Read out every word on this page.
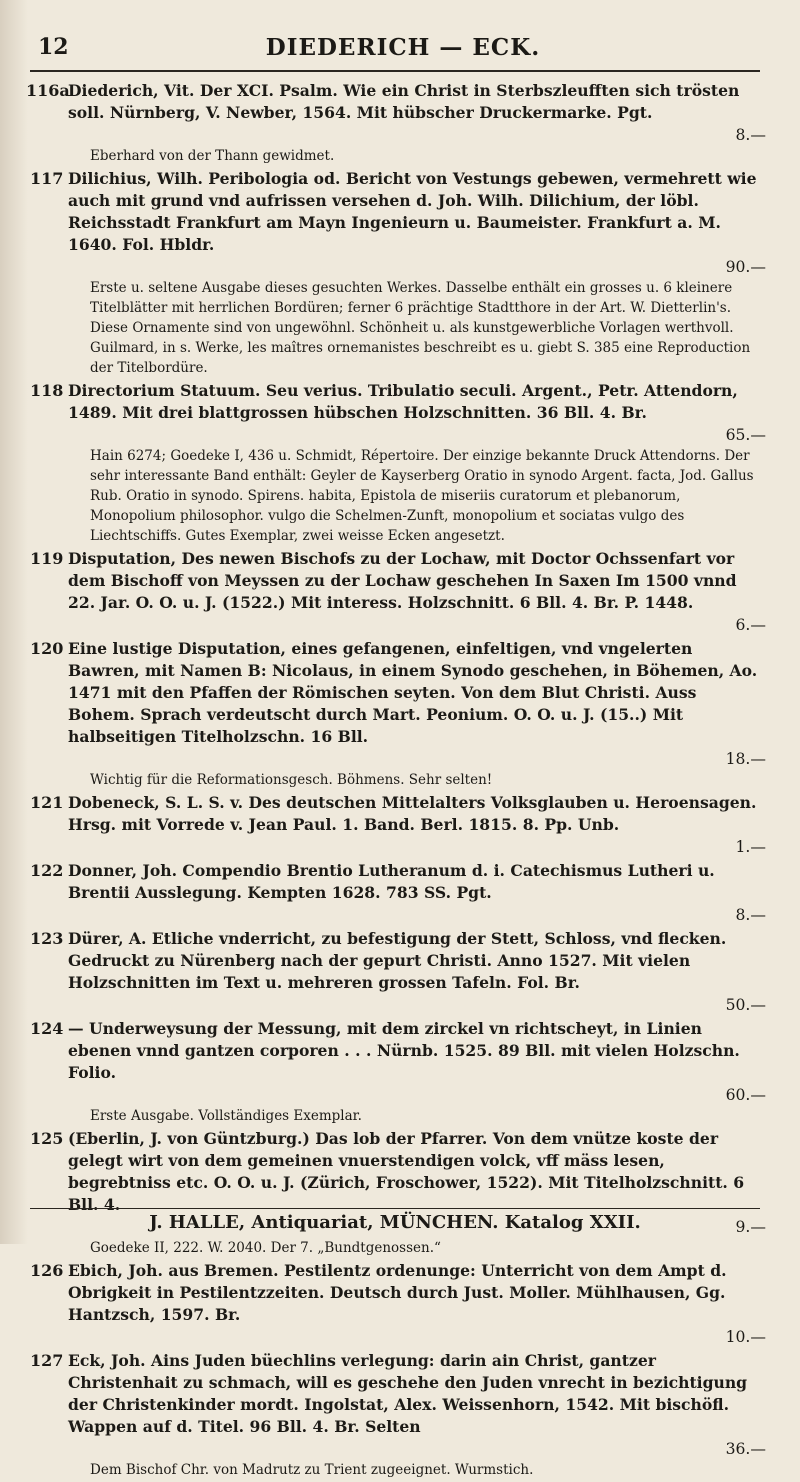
12	DIEDERICH — ECK.
116a
Diederich, Vit. Der XCI. Psalm. Wie ein Christ in Sterbszleufften sich trösten soll. Nürnberg, V. Newber, 1564. Mit hübscher Druckermarke. Pgt.
8.—
Eberhard von der Thann gewidmet.
117 Dilichius, Wilh. Peribologia od. Bericht von Vestungs gebewen, vermehrett wie auch mit grund vnd aufrissen versehen d. Joh. Wilh. Dilichium, der löbl. Reichsstadt Frankfurt am Mayn Ingenieurn u. Baumeister. Frankfurt a. M. 1640. Fol. Hbldr.
90.—
Erste u. seltene Ausgabe dieses gesuchten Werkes. Dasselbe enthält ein grosses u. 6 kleinere Titelblätter mit herrlichen Bordüren; ferner 6 prächtige Stadtthore in der Art. W. Dietterlin's. Diese Ornamente sind von ungewöhnl. Schönheit u. als kunstgewerbliche Vorlagen werthvoll. Guilmard, in s. Werke, les maîtres ornemanistes beschreibt es u. giebt S. 385 eine Reproduction der Titelbordüre.
118 Directorium Statuum. Seu verius. Tribulatio seculi. Argent., Petr. Attendorn, 1489. Mit drei blattgrossen hübschen Holzschnitten. 36 Bll. 4. Br.
65.—
Hain 6274; Goedeke I, 436 u. Schmidt, Répertoire. Der einzige bekannte Druck Attendorns. Der sehr interessante Band enthält: Geyler de Kayserberg Oratio in synodo Argent. facta, Jod. Gallus Rub. Oratio in synodo. Spirens. habita, Epistola de miseriis curatorum et plebanorum, Monopolium philosophor. vulgo die Schelmen-Zunft, monopolium et sociatas vulgo des Liechtschiffs. Gutes Exemplar, zwei weisse Ecken angesetzt.
119 Disputation, Des newen Bischofs zu der Lochaw, mit Doctor Ochssenfart vor dem Bischoff von Meyssen zu der Lochaw geschehen In Saxen Im 1500 vnnd 22. Jar. O. O. u. J. (1522.) Mit interess. Holzschnitt. 6 Bll. 4. Br. P. 1448.
6.—
120 Eine lustige Disputation, eines gefangenen, einfeltigen, vnd vngelerten Bawren, mit Namen B: Nicolaus, in einem Synodo geschehen, in Böhemen, Ao. 1471 mit den Pfaffen der Römischen seyten. Von dem Blut Christi. Auss Bohem. Sprach verdeutscht durch Mart. Peonium. O. O. u. J. (15..) Mit halbseitigen Titelholzschn. 16 Bll.
18.—
Wichtig für die Reformationsgesch. Böhmens. Sehr selten!
121 Dobeneck, S. L. S. v. Des deutschen Mittelalters Volksglauben u. Heroensagen. Hrsg. mit Vorrede v. Jean Paul. 1. Band. Berl. 1815. 8. Pp. Unb.
1.—
122 Donner, Joh. Compendio Brentio Lutheranum d. i. Catechismus Lutheri u. Brentii Ausslegung. Kempten 1628. 783 SS. Pgt.
8.—
123 Dürer, A. Etliche vnderricht, zu befestigung der Stett, Schloss, vnd flecken. Gedruckt zu Nürenberg nach der gepurt Christi. Anno 1527. Mit vielen Holzschnitten im Text u. mehreren grossen Tafeln. Fol. Br.
50.—
124 — Underweysung der Messung, mit dem zirckel vn richtscheyt, in Linien ebenen vnnd gantzen corporen . . . Nürnb. 1525. 89 Bll. mit vielen Holzschn. Folio.
60.—
Erste Ausgabe. Vollständiges Exemplar.
125 (Eberlin, J. von Güntzburg.) Das lob der Pfarrer. Von dem vnütze koste der gelegt wirt von dem gemeinen vnuerstendigen volck, vff mäss lesen, begrebtniss etc. O. O. u. J. (Zürich, Froschower, 1522). Mit Titelholzschnitt. 6 Bll. 4.
9.—
Goedeke II, 222. W. 2040. Der 7. „Bundtgenossen.“
126 Ebich, Joh. aus Bremen. Pestilentz ordenunge: Unterricht von dem Ampt d. Obrigkeit in Pestilentzzeiten. Deutsch durch Just. Moller. Mühlhausen, Gg. Hantzsch, 1597. Br.
10.—
127 Eck, Joh. Ains Juden büechlins verlegung: darin ain Christ, gantzer Christenhait zu schmach, will es geschehe den Juden vnrecht in bezichtigung der Christenkinder mordt. Ingolstat, Alex. Weissenhorn, 1542. Mit bischöfl. Wappen auf d. Titel. 96 Bll. 4. Br. Selten
36.—
Dem Bischof Chr. von Madrutz zu Trient zugeeignet. Wurmstich.
J. HALLE, Antiquariat, MÜNCHEN. Katalog XXII.
